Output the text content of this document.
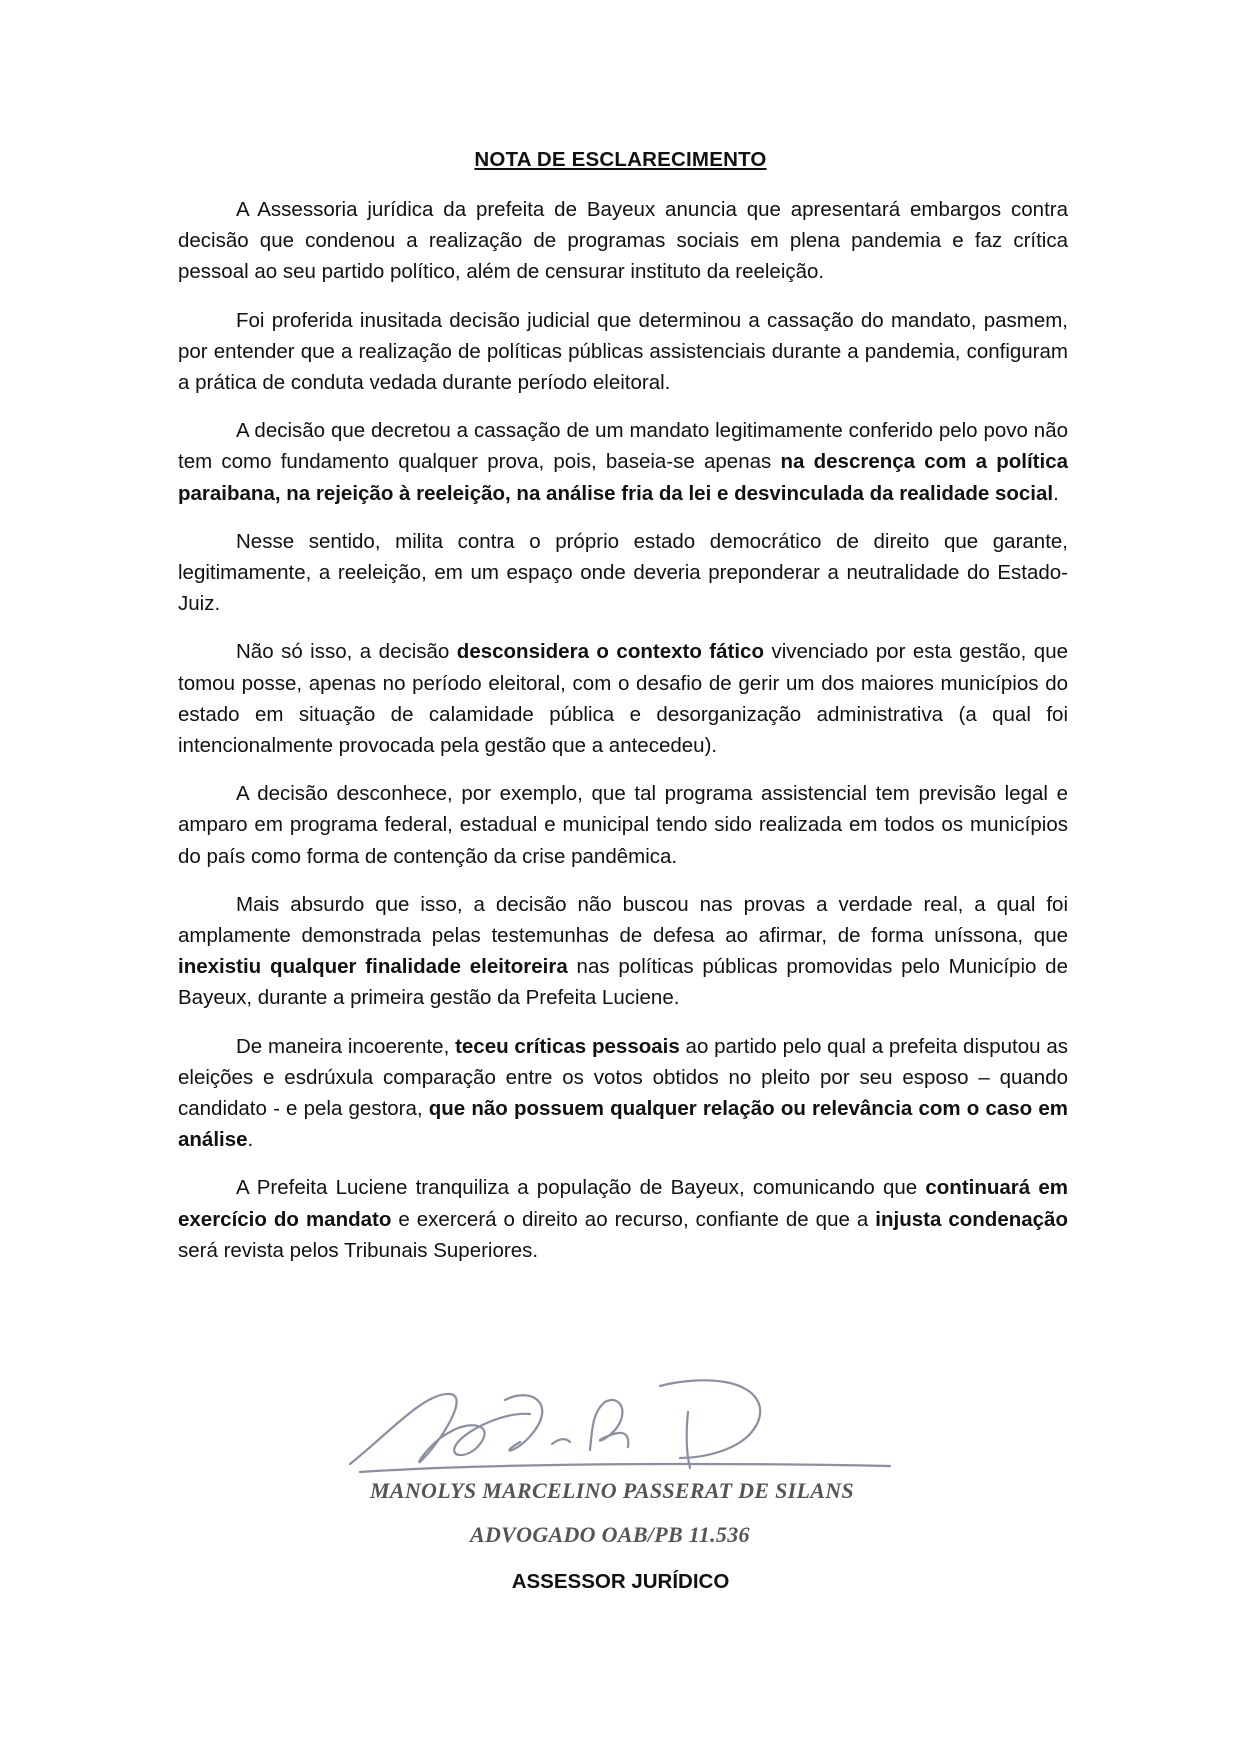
NOTA DE ESCLARECIMENTO

A Assessoria jurídica da prefeita de Bayeux anuncia que apresentará embargos contra decisão que condenou a realização de programas sociais em plena pandemia e faz crítica pessoal ao seu partido político, além de censurar instituto da reeleição.

Foi proferida inusitada decisão judicial que determinou a cassação do mandato, pasmem, por entender que a realização de políticas públicas assistenciais durante a pandemia, configuram a prática de conduta vedada durante período eleitoral.

A decisão que decretou a cassação de um mandato legitimamente conferido pelo povo não tem como fundamento qualquer prova, pois, baseia-se apenas na descrença com a política paraibana, na rejeição à reeleição, na análise fria da lei e desvinculada da realidade social.

Nesse sentido, milita contra o próprio estado democrático de direito que garante, legitimamente, a reeleição, em um espaço onde deveria preponderar a neutralidade do Estado-Juiz.

Não só isso, a decisão desconsidera o contexto fático vivenciado por esta gestão, que tomou posse, apenas no período eleitoral, com o desafio de gerir um dos maiores municípios do estado em situação de calamidade pública e desorganização administrativa (a qual foi intencionalmente provocada pela gestão que a antecedeu).

A decisão desconhece, por exemplo, que tal programa assistencial tem previsão legal e amparo em programa federal, estadual e municipal tendo sido realizada em todos os municípios do país como forma de contenção da crise pandêmica.

Mais absurdo que isso, a decisão não buscou nas provas a verdade real, a qual foi amplamente demonstrada pelas testemunhas de defesa ao afirmar, de forma uníssona, que inexistiu qualquer finalidade eleitoreira nas políticas públicas promovidas pelo Município de Bayeux, durante a primeira gestão da Prefeita Luciene.

De maneira incoerente, teceu críticas pessoais ao partido pelo qual a prefeita disputou as eleições e esdrúxula comparação entre os votos obtidos no pleito por seu esposo – quando candidato - e pela gestora, que não possuem qualquer relação ou relevância com o caso em análise.

A Prefeita Luciene tranquiliza a população de Bayeux, comunicando que continuará em exercício do mandato e exercerá o direito ao recurso, confiante de que a injusta condenação será revista pelos Tribunais Superiores.

MANOLYS MARCELINO PASSERAT DE SILANS
ADVOGADO OAB/PB 11.536
ASSESSOR JURÍDICO
